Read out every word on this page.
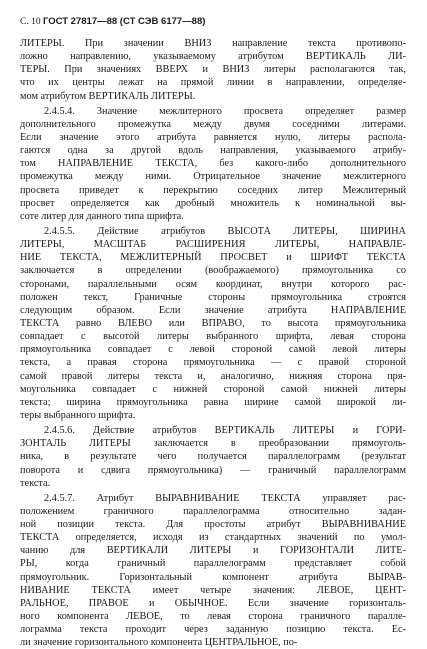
С. 10 ГОСТ 27817—88 (СТ СЭВ 6177—88)
ЛИТЕРЫ. При значении ВНИЗ направление текста противопо-
ложно направлению, указываемому атрибутом ВЕРТИКАЛЬ ЛИ-
ТЕРЫ. При значениях ВВЕРХ и ВНИЗ литеры располагаются так,
что их центры лежат на прямой линии в направлении, определяе-
мом атрибутом ВЕРТИКАЛЬ ЛИТЕРЫ.
2.4.5.4. Значение межлитерного просвета определяет размер
дополнительного промежутка между двумя соседними литерами.
Если значение этого атрибута равняется нулю, литеры распола-
гаются одна за другой вдоль направления, указываемого атрибу-
том НАПРАВЛЕНИЕ ТЕКСТА, без какого-либо дополнительного
промежутка между ними. Отрицательное значение межлитерного
просвета приведет к перекрытию соседних литер Межлитерный
просвет определяется как дробный множитель к номинальной вы-
соте литер для данного типа шрифта.
2.4.5.5. Действие атрибутов ВЫСОТА ЛИТЕРЫ, ШИРИНА
ЛИТЕРЫ, МАСШТАБ РАСШИРЕНИЯ ЛИТЕРЫ, НАПРАВЛЕ-
НИЕ ТЕКСТА, МЕЖЛИТЕРНЫЙ ПРОСВЕТ и ШРИФТ ТЕКСТА
заключается в определении (воображаемого) прямоугольника со
сторонами, параллельными осям координат, внутри которого рас-
положен текст, Граничные стороны прямоугольника строятся
следующим образом. Если значение атрибута НАПРАВЛЕНИЕ
ТЕКСТА равно ВЛЕВО или ВПРАВО, то высота прямоугольника
совпадает с высотой литеры выбранного шрифта, левая сторона
прямоугольника совпадает с левой стороной самой левой литеры
текста, а правая сторона прямоугольника — с правой стороной
самой правой литеры текста и, аналогично, нижняя сторона пря-
моугольника совпадает с нижней стороной самой нижней литеры
текста; ширина прямоугольника равна ширине самой широкой ли-
теры выбранного шрифта.
2.4.5.6. Действие атрибутов ВЕРТИКАЛЬ ЛИТЕРЫ и ГОРИ-
ЗОНТАЛЬ ЛИТЕРЫ заключается в преобразовании прямоуголь-
ника, в результате чего получается параллелограмм (результат
поворота и сдвига прямоугольника) — граничный параллелограмм
текста.
2.4.5.7. Атрибут ВЫРАВНИВАНИЕ ТЕКСТА управляет рас-
положением граничного параллелограмма относительно задан-
ной позиции текста. Для простоты атрибут ВЫРАВНИВАНИЕ
ТЕКСТА определяется, исходя из стандартных значений по умол-
чанию для ВЕРТИКАЛИ ЛИТЕРЫ и ГОРИЗОНТАЛИ ЛИТЕ-
РЫ, когда граничный параллелограмм представляет собой
прямоугольник. Горизонтальный компонент атрибута ВЫРАВ-
НИВАНИЕ ТЕКСТА имеет четыре значения: ЛЕВОЕ, ЦЕНТ-
РАЛЬНОЕ, ПРАВОЕ и ОБЫЧНОЕ. Если значение горизонталь-
ного компонента ЛЕВОЕ, то левая сторона граничного паралле-
лограмма текста проходит через заданную позицию текста. Ес-
ли значение горизонтального компонента ЦЕНТРАЛЬНОЕ, по-
